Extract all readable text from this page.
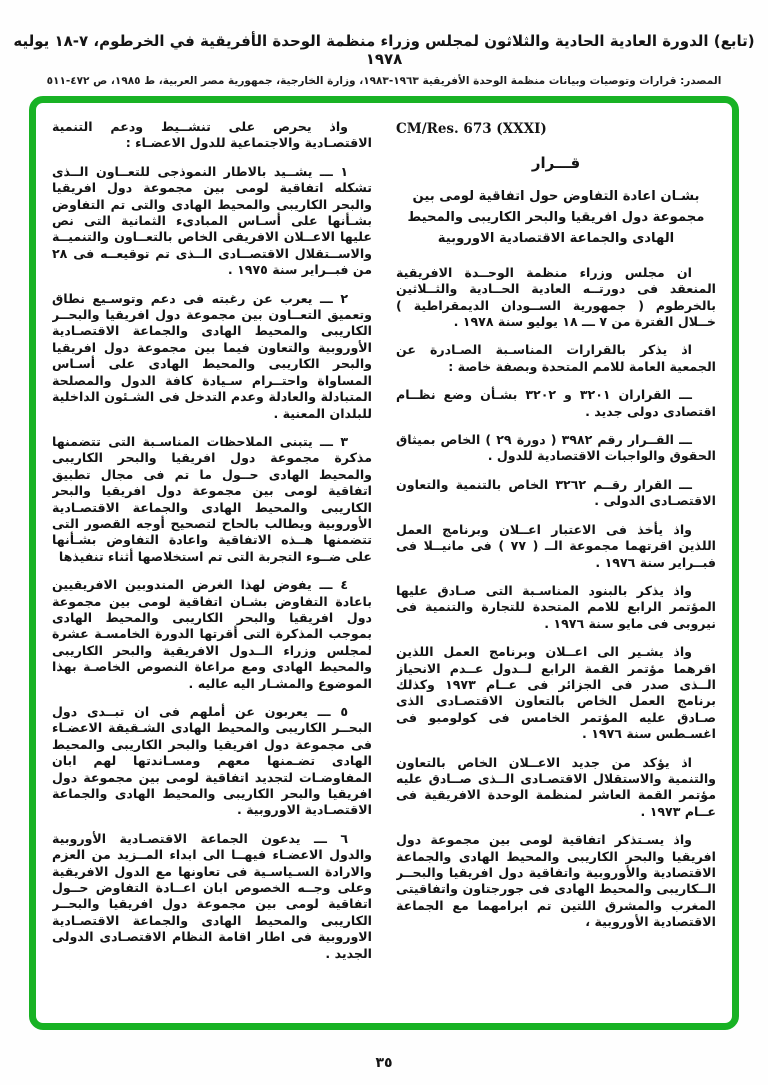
(تابع) الدورة العادية الحادية والثلاثون لمجلس وزراء منظمة الوحدة الأفريقية في الخرطوم، ٧-١٨ يوليه ١٩٧٨
المصدر: قرارات وتوصيات وبيانات منظمة الوحدة الأفريقية ١٩٦٣-١٩٨٣، وزارة الخارجية، جمهورية مصر العربية، ط ١٩٨٥، ص ٤٧٢-٥١١
CM/Res. 673 (XXXI)
قـــرار
بشـان اعادة التفاوض حول اتفاقية لومى بين مجموعة دول افريقيا والبحر الكاريبى والمحيط الهادى والجماعة الاقتصادية الاوروبية

ان مجلس وزراء منظمة الوحــدة الافريقية المنعقد فى دورتــه العادية الحــادية والثــلاثين بالخرطوم ( جمهورية الســودان الديمقراطية ) خــلال الفترة من ٧ ـــ ١٨ يوليو سنة ١٩٧٨ .

اذ يذكر بالقرارات المناسـبة الصـادرة عن الجمعية العامة للامم المتحدة وبصفة خاصة :

ـــ القراران ٣٢٠١ و ٣٢٠٢ بشـأن وضع نظــام اقتصادى دولى جديد .

ـــ القــرار رقم ٣٩٨٢ ( دورة ٢٩ ) الخاص بميثاق الحقوق والواجبات الاقتصادية للدول .

ـــ القرار رقــم ٣٢٦٢ الخاص بالتنمية والتعاون الاقتصـادى الدولى .

واذ يأخذ فى الاعتبار اعــلان وبرنامج العمل اللذين اقرتهما مجموعة الــ ( ٧٧ ) فى مانيــلا فى فبــراير سنة ١٩٧٦ .

واذ يذكر بالبنود المناسـبة التى صـادق عليها المؤتمر الرابع للامم المتحدة للتجارة والتنمية فى نيروبى فى مايو سنة ١٩٧٦ .

واذ يشـير الى اعــلان وبرنامج العمل اللذين اقرهما مؤتمر القمة الرابع لــدول عــدم الانحياز الــذى صدر فى الجزائر فى عــام ١٩٧٣ وكذلك برنامج العمل الخاص بالتعاون الاقتصـادى الذى صـادق عليه المؤتمر الخامس فى كولومبو فى اغسـطس سنة ١٩٧٦ .

اذ يؤكد من جديد الاعــلان الخاص بالتعاون والتنمية والاستقلال الاقتصـادى الــذى صــادق عليه مؤتمر القمة العاشر لمنظمة الوحدة الافريقية فى عــام ١٩٧٣ .

واذ يسـتذكر اتفاقية لومى بين مجموعة دول افريقيا والبحر الكاريبى والمحيط الهادى والجماعة الاقتصادية والأوروبية واتفاقية دول افريقيا والبحــر الــكاريبى والمحيط الهادى فى جورجتاون واتفاقيتى المغرب والمشرق اللتين تم ابرامهما مع الجماعة الاقتصادية الأوروبية ،

واذ يحرص على تنشــيط ودعم التنمية الاقتصـادية والاجتماعية للدول الاعضـاء :

١ ـــ يشــيد بالاطار النموذجى للتعــاون الــذى تشكله اتفاقية لومى بين مجموعة دول افريقيا والبحر الكاريبى والمحيط الهادى والتى تم التفاوض بشـأنها على أسـاس المبادىء الثمانية التى نص عليها الاعــلان الافريقى الخاص بالتعــاون والتنميــة والاســتقلال الاقتصــادى الــذى تم توقيعــه فى ٢٨ من فبــراير سنة ١٩٧٥ .

٢ ـــ يعرب عن رغبته فى دعم وتوسـيع نطاق وتعميق التعــاون بين مجموعة دول افريقيا والبحــر الكاريبى والمحيط الهادى والجماعة الاقتصـادية الأوروبية والتعاون فيما بين مجموعة دول افريقيا والبحر الكاريبى والمحيط الهادى على أسـاس المساواة واحتــرام سـيادة كافة الدول والمصلحة المتبادلة والعادلة وعدم التدخل فى الشـئون الداخلية للبلدان المعنية .

٣ ـــ يتبنى الملاحظات المناسـبة التى تتضمنها مذكرة مجموعة دول افريقيا والبحر الكاريبى والمحيط الهادى حــول ما تم فى مجال تطبيق اتفاقية لومى بين مجموعة دول افريقيا والبحر الكاريبى والمحيط الهادى والجماعة الاقتصـادية الأوروبية ويطالب بالحاح لتصحيح أوجه القصور التى تتضمنها هــذه الاتفاقية واعادة التفاوض بشـأنها على ضــوء التجربة التى تم استخلاصها أثناء تنفيذها

٤ ـــ يفوض لهذا الغرض المندوبين الافريقيين باعادة التفاوض بشـان اتفاقية لومى بين مجموعة دول افريقيا والبحر الكاريبى والمحيط الهادى بموجب المذكرة التى أقرتها الدورة الخامسـة عشرة لمجلس وزراء الــدول الافريقية والبحر الكاريبى والمحيط الهادى ومع مراعاة النصوص الخاصـة بهذا الموضوع والمشـار اليه عاليه .

٥ ـــ يعربون عن أملهم فى ان تبــدى دول البحــر الكاريبى والمحيط الهادى الشـقيقة الاعضـاء فى مجموعة دول افريقيا والبحر الكاريبى والمحيط الهادى تضـمنها معهم ومسـاندتها لهم ابان المفاوضـات لتجديد اتفاقية لومى بين مجموعة دول افريقيا والبحر الكاريبى والمحيط الهادى والجماعة الاقتصـادية الاوروبية .

٦ ـــ يدعون الجماعة الاقتصـادية الأوروبية والدول الاعضـاء فيهــا الى ابداء المــزيد من العزم والارادة السـياسـية فى تعاونها مع الدول الافريقية وعلى وجــه الخصوص ابان اعــادة التفاوض حــول اتفاقية لومى بين مجموعة دول افريقيا والبحــر الكاريبى والمحيط الهادى والجماعة الاقتصـادية الاوروبية فى اطار اقامة النظام الاقتصـادى الدولى الجديد .

٣٥
